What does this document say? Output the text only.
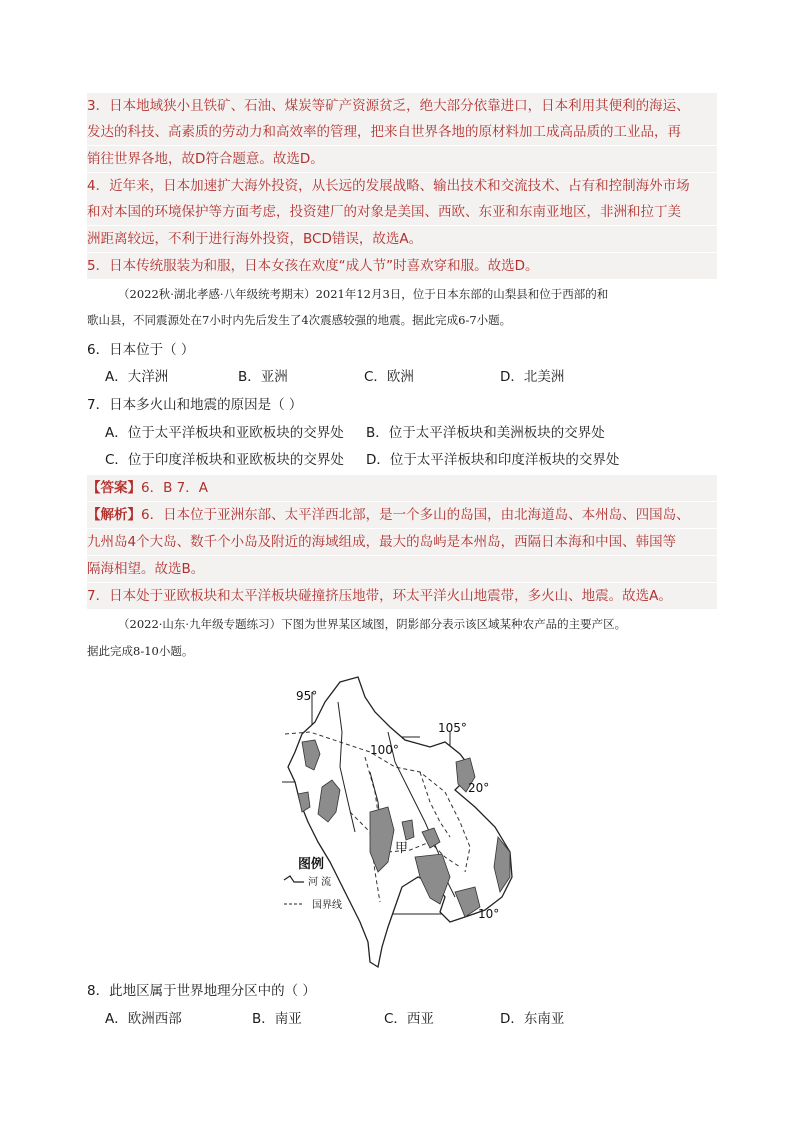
3．日本地域狭小且铁矿、石油、煤炭等矿产资源贫乏，绝大部分依靠进口，日本利用其便利的海运、
发达的科技、高素质的劳动力和高效率的管理，把来自世界各地的原材料加工成高品质的工业品，再
销往世界各地，故D符合题意。故选D。
4．近年来，日本加速扩大海外投资，从长远的发展战略、输出技术和交流技术、占有和控制海外市场
和对本国的环境保护等方面考虑，投资建厂的对象是美国、西欧、东亚和东南亚地区，非洲和拉丁美
洲距离较远，不利于进行海外投资，BCD错误，故选A。
5．日本传统服装为和服，日本女孩在欢度“成人节”时喜欢穿和服。故选D。
（2022秋·湖北孝感·八年级统考期末）2021年12月3日，位于日本东部的山梨县和位于西部的和
歌山县，不同震源处在7小时内先后发生了4次震感较强的地震。据此完成6-7小题。
6．日本位于（ ）
A．大洋洲	B．亚洲	C．欧洲	D．北美洲
7．日本多火山和地震的原因是（ ）
A．位于太平洋板块和亚欧板块的交界处 B．位于太平洋板块和美洲板块的交界处
C．位于印度洋板块和亚欧板块的交界处 D．位于太平洋板块和印度洋板块的交界处
【答案】6．B 7．A
【解析】6．日本位于亚洲东部、太平洋西北部，是一个多山的岛国，由北海道岛、本州岛、四国岛、
九州岛4个大岛、数千个小岛及附近的海域组成，最大的岛屿是本州岛，西隔日本海和中国、韩国等
隔海相望。故选B。
7．日本处于亚欧板块和太平洋板块碰撞挤压地带，环太平洋火山地震带，多火山、地震。故选A。
（2022·山东·九年级专题练习）下图为世界某区域图，阴影部分表示该区域某种农产品的主要产区。
据此完成8-10小题。
95°
100°
105°
20°
10°
甲
图例
河 流
国界线
8．此地区属于世界地理分区中的（ ）
A．欧洲西部	B．南亚	C．西亚	D．东南亚
